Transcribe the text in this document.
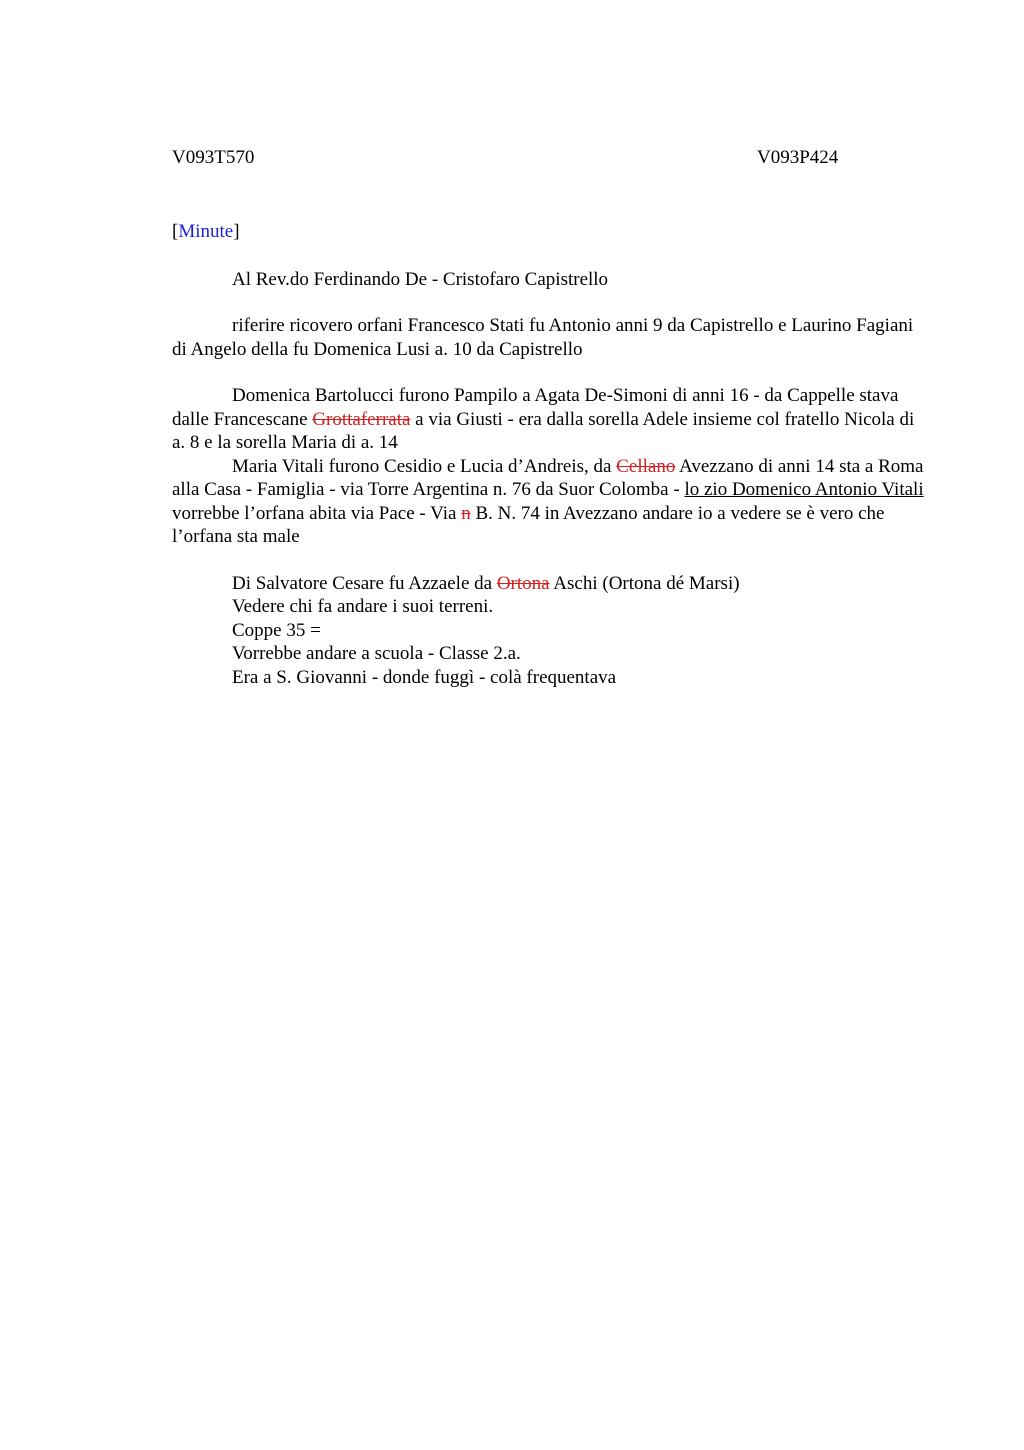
V093T570	V093P424
[Minute]

Al Rev.do Ferdinando De - Cristofaro Capistrello

riferire ricovero orfani Francesco Stati fu Antonio anni 9 da Capistrello e Laurino Fagiani di Angelo della fu Domenica Lusi a. 10 da Capistrello

Domenica Bartolucci furono Pampilo a Agata De-Simoni di anni 16 - da Cappelle stava dalle Francescane Grottaferrata a via Giusti - era dalla sorella Adele insieme col fratello Nicola di a. 8 e la sorella Maria di a. 14

Maria Vitali furono Cesidio e Lucia d’Andreis, da Cellano Avezzano di anni 14 sta a Roma alla Casa - Famiglia - via Torre Argentina n. 76 da Suor Colomba - lo zio Domenico Antonio Vitali vorrebbe l’orfana abita via Pace - Via n B. N. 74 in Avezzano andare io a vedere se è vero che l’orfana sta male

Di Salvatore Cesare fu Azzaele da Ortona Aschi (Ortona dé Marsi)

Vedere chi fa andare i suoi terreni.

Coppe 35 =

Vorrebbe andare a scuola - Classe 2.a.

Era a S. Giovanni - donde fuggì - colà frequentava
